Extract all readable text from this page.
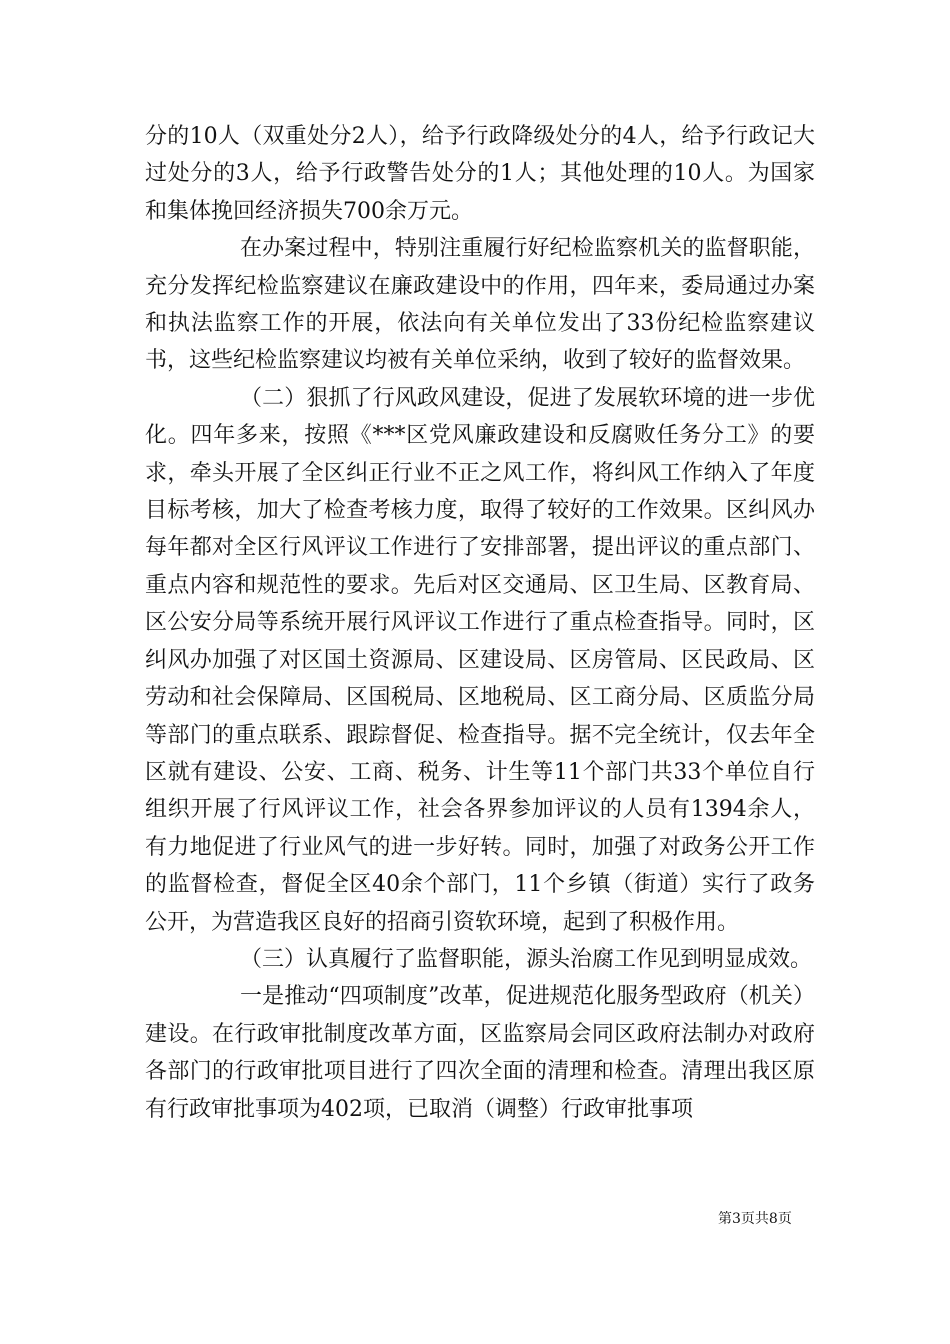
分的10人（双重处分2人），给予行政降级处分的4人，给予行政记大过处分的3人，给予行政警告处分的1人；其他处理的10人。为国家和集体挽回经济损失700余万元。

在办案过程中，特别注重履行好纪检监察机关的监督职能，充分发挥纪检监察建议在廉政建设中的作用，四年来，委局通过办案和执法监察工作的开展，依法向有关单位发出了33份纪检监察建议书，这些纪检监察建议均被有关单位采纳，收到了较好的监督效果。

（二）狠抓了行风政风建设，促进了发展软环境的进一步优化。四年多来，按照《***区党风廉政建设和反腐败任务分工》的要求，牵头开展了全区纠正行业不正之风工作，将纠风工作纳入了年度目标考核，加大了检查考核力度，取得了较好的工作效果。区纠风办每年都对全区行风评议工作进行了安排部署，提出评议的重点部门、重点内容和规范性的要求。先后对区交通局、区卫生局、区教育局、区公安分局等系统开展行风评议工作进行了重点检查指导。同时，区纠风办加强了对区国土资源局、区建设局、区房管局、区民政局、区劳动和社会保障局、区国税局、区地税局、区工商分局、区质监分局等部门的重点联系、跟踪督促、检查指导。据不完全统计，仅去年全区就有建设、公安、工商、税务、计生等11个部门共33个单位自行组织开展了行风评议工作，社会各界参加评议的人员有1394余人，有力地促进了行业风气的进一步好转。同时，加强了对政务公开工作的监督检查，督促全区40余个部门，11个乡镇（街道）实行了政务公开，为营造我区良好的招商引资软环境，起到了积极作用。

（三）认真履行了监督职能，源头治腐工作见到明显成效。

一是推动“四项制度”改革，促进规范化服务型政府（机关）建设。在行政审批制度改革方面，区监察局会同区政府法制办对政府各部门的行政审批项目进行了四次全面的清理和检查。清理出我区原有行政审批事项为402项，已取消（调整）行政审批事项

第3页共8页
